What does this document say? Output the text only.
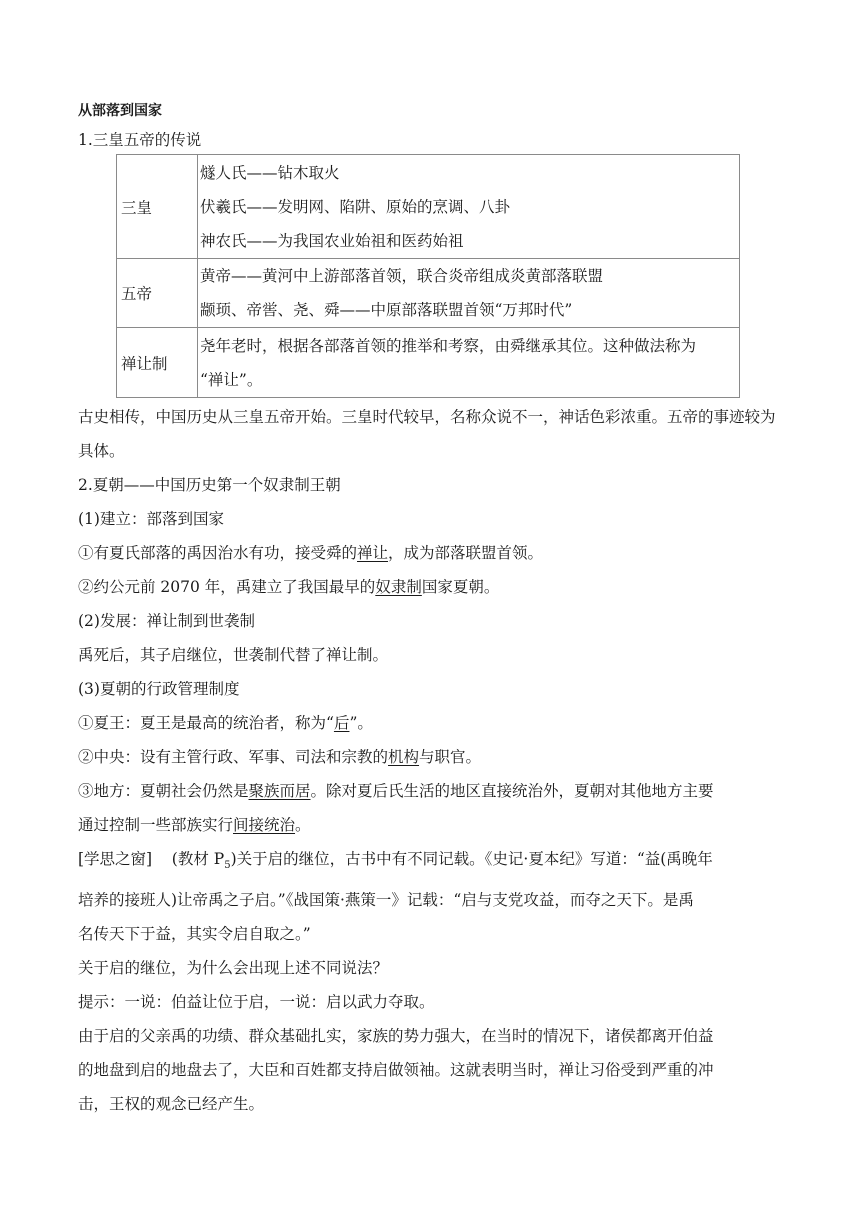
从部落到国家
1.三皇五帝的传说
三皇	燧人氏——钻木取火
伏羲氏——发明网、陷阱、原始的烹调、八卦
神农氏——为我国农业始祖和医药始祖

五帝	黄帝——黄河中上游部落首领，联合炎帝组成炎黄部落联盟
颛顼、帝喾、尧、舜——中原部落联盟首领“万邦时代”

禅让制	尧年老时，根据各部落首领的推举和考察，由舜继承其位。这种做法称为
“禅让”。
古史相传，中国历史从三皇五帝开始。三皇时代较早，名称众说不一，神话色彩浓重。五帝的事迹较为具体。
2.夏朝——中国历史第一个奴隶制王朝
(1)建立：部落到国家
①有夏氏部落的禹因治水有功，接受舜的禅让，成为部落联盟首领。
②约公元前 2070 年，禹建立了我国最早的奴隶制国家夏朝。
(2)发展：禅让制到世袭制
禹死后，其子启继位，世袭制代替了禅让制。
(3)夏朝的行政管理制度
①夏王：夏王是最高的统治者，称为“后”。
②中央：设有主管行政、军事、司法和宗教的机构与职官。
③地方：夏朝社会仍然是聚族而居。除对夏后氏生活的地区直接统治外，夏朝对其他地方主要
通过控制一些部族实行间接统治。
[学思之窗]    (教材 $P_5$)关于启的继位，古书中有不同记载。《史记·夏本纪》写道：“益(禹晚年
培养的接班人)让帝禹之子启。”《战国策·燕策一》记载：“启与支党攻益，而夺之天下。是禹
名传天下于益，其实令启自取之。”
关于启的继位，为什么会出现上述不同说法？
提示：一说：伯益让位于启，一说：启以武力夺取。
由于启的父亲禹的功绩、群众基础扎实，家族的势力强大，在当时的情况下，诸侯都离开伯益
的地盘到启的地盘去了，大臣和百姓都支持启做领袖。这就表明当时，禅让习俗受到严重的冲
击，王权的观念已经产生。
